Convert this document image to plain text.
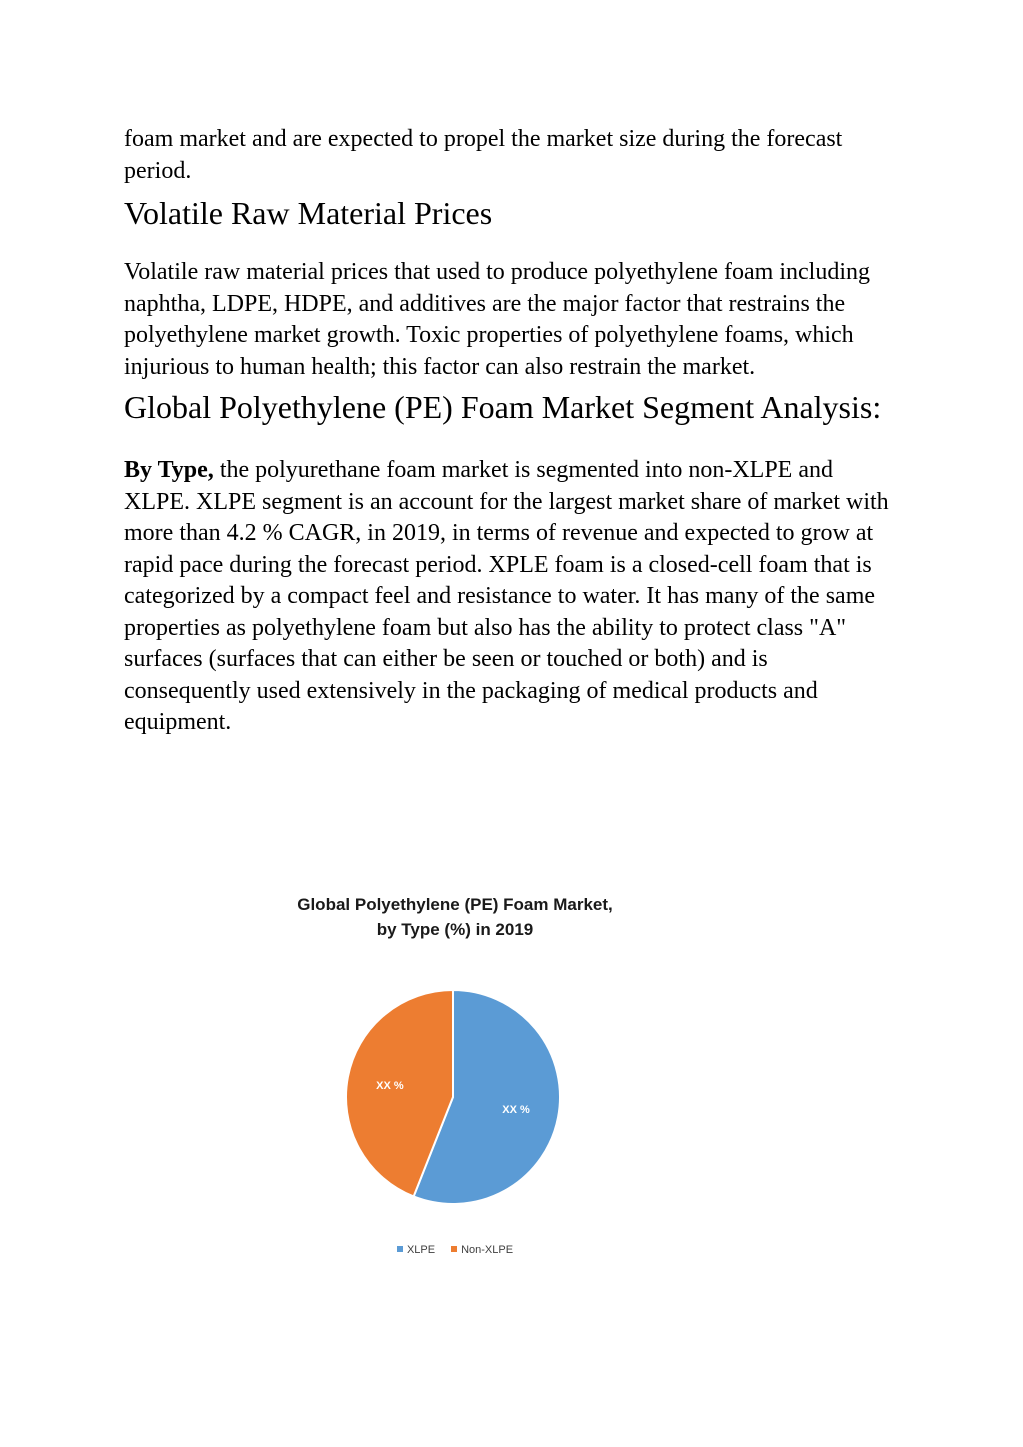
foam market and are expected to propel the market size during the forecast period.

Volatile Raw Material Prices

Volatile raw material prices that used to produce polyethylene foam including naphtha, LDPE, HDPE, and additives are the major factor that restrains the polyethylene market growth. Toxic properties of polyethylene foams, which injurious to human health; this factor can also restrain the market.

Global Polyethylene (PE) Foam Market Segment Analysis:

By Type, the polyurethane foam market is segmented into non-XLPE and XLPE. XLPE segment is an account for the largest market share of market with more than 4.2 % CAGR, in 2019, in terms of revenue and expected to grow at rapid pace during the forecast period. XPLE foam is a closed-cell foam that is categorized by a compact feel and resistance to water. It has many of the same properties as polyethylene foam but also has the ability to protect class "A" surfaces (surfaces that can either be seen or touched or both) and is consequently used extensively in the packaging of medical products and equipment.

Global Polyethylene (PE) Foam Market,
by Type (%) in 2019
XX %
XX %
XLPE Non-XLPE
